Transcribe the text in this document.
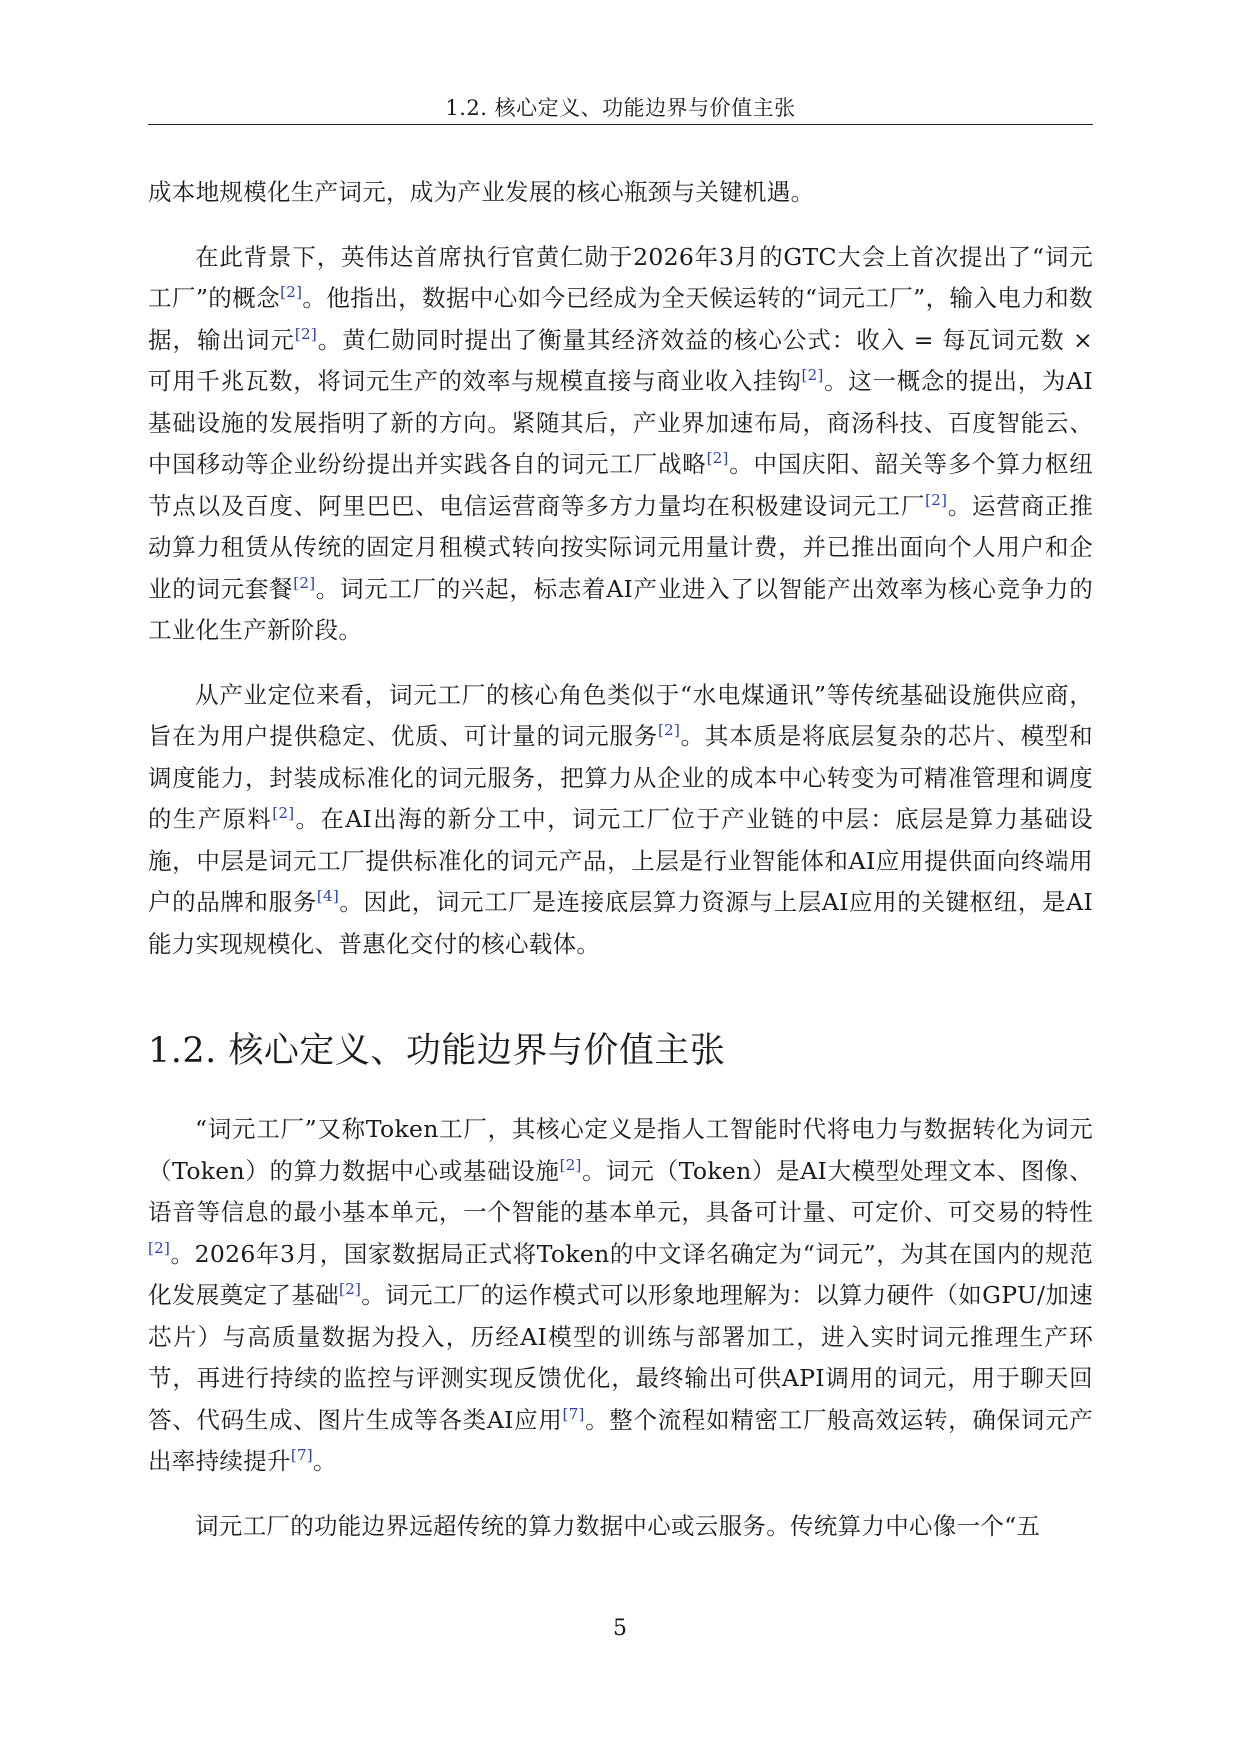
1.2. 核心定义、功能边界与价值主张

成本地规模化生产词元，成为产业发展的核心瓶颈与关键机遇。

在此背景下，英伟达首席执行官黄仁勋于2026年3月的GTC大会上首次提出了“词元工厂”的概念[2]。他指出，数据中心如今已经成为全天候运转的“词元工厂”，输入电力和数据，输出词元[2]。黄仁勋同时提出了衡量其经济效益的核心公式：收入 = 每瓦词元数 × 可用千兆瓦数，将词元生产的效率与规模直接与商业收入挂钩[2]。这一概念的提出，为AI基础设施的发展指明了新的方向。紧随其后，产业界加速布局，商汤科技、百度智能云、中国移动等企业纷纷提出并实践各自的词元工厂战略[2]。中国庆阳、韶关等多个算力枢纽节点以及百度、阿里巴巴、电信运营商等多方力量均在积极建设词元工厂[2]。运营商正推动算力租赁从传统的固定月租模式转向按实际词元用量计费，并已推出面向个人用户和企业的词元套餐[2]。词元工厂的兴起，标志着AI产业进入了以智能产出效率为核心竞争力的工业化生产新阶段。

从产业定位来看，词元工厂的核心角色类似于“水电煤通讯”等传统基础设施供应商，旨在为用户提供稳定、优质、可计量的词元服务[2]。其本质是将底层复杂的芯片、模型和调度能力，封装成标准化的词元服务，把算力从企业的成本中心转变为可精准管理和调度的生产原料[2]。在AI出海的新分工中，词元工厂位于产业链的中层：底层是算力基础设施，中层是词元工厂提供标准化的词元产品，上层是行业智能体和AI应用提供面向终端用户的品牌和服务[4]。因此，词元工厂是连接底层算力资源与上层AI应用的关键枢纽，是AI能力实现规模化、普惠化交付的核心载体。

1.2. 核心定义、功能边界与价值主张

“词元工厂”又称Token工厂，其核心定义是指人工智能时代将电力与数据转化为词元（Token）的算力数据中心或基础设施[2]。词元（Token）是AI大模型处理文本、图像、语音等信息的最小基本单元，一个智能的基本单元，具备可计量、可定价、可交易的特性[2]。2026年3月，国家数据局正式将Token的中文译名确定为“词元”，为其在国内的规范化发展奠定了基础[2]。词元工厂的运作模式可以形象地理解为：以算力硬件（如GPU/加速芯片）与高质量数据为投入，历经AI模型的训练与部署加工，进入实时词元推理生产环节，再进行持续的监控与评测实现反馈优化，最终输出可供API调用的词元，用于聊天回答、代码生成、图片生成等各类AI应用[7]。整个流程如精密工厂般高效运转，确保词元产出率持续提升[7]。

词元工厂的功能边界远超传统的算力数据中心或云服务。传统算力中心像一个“五

5
